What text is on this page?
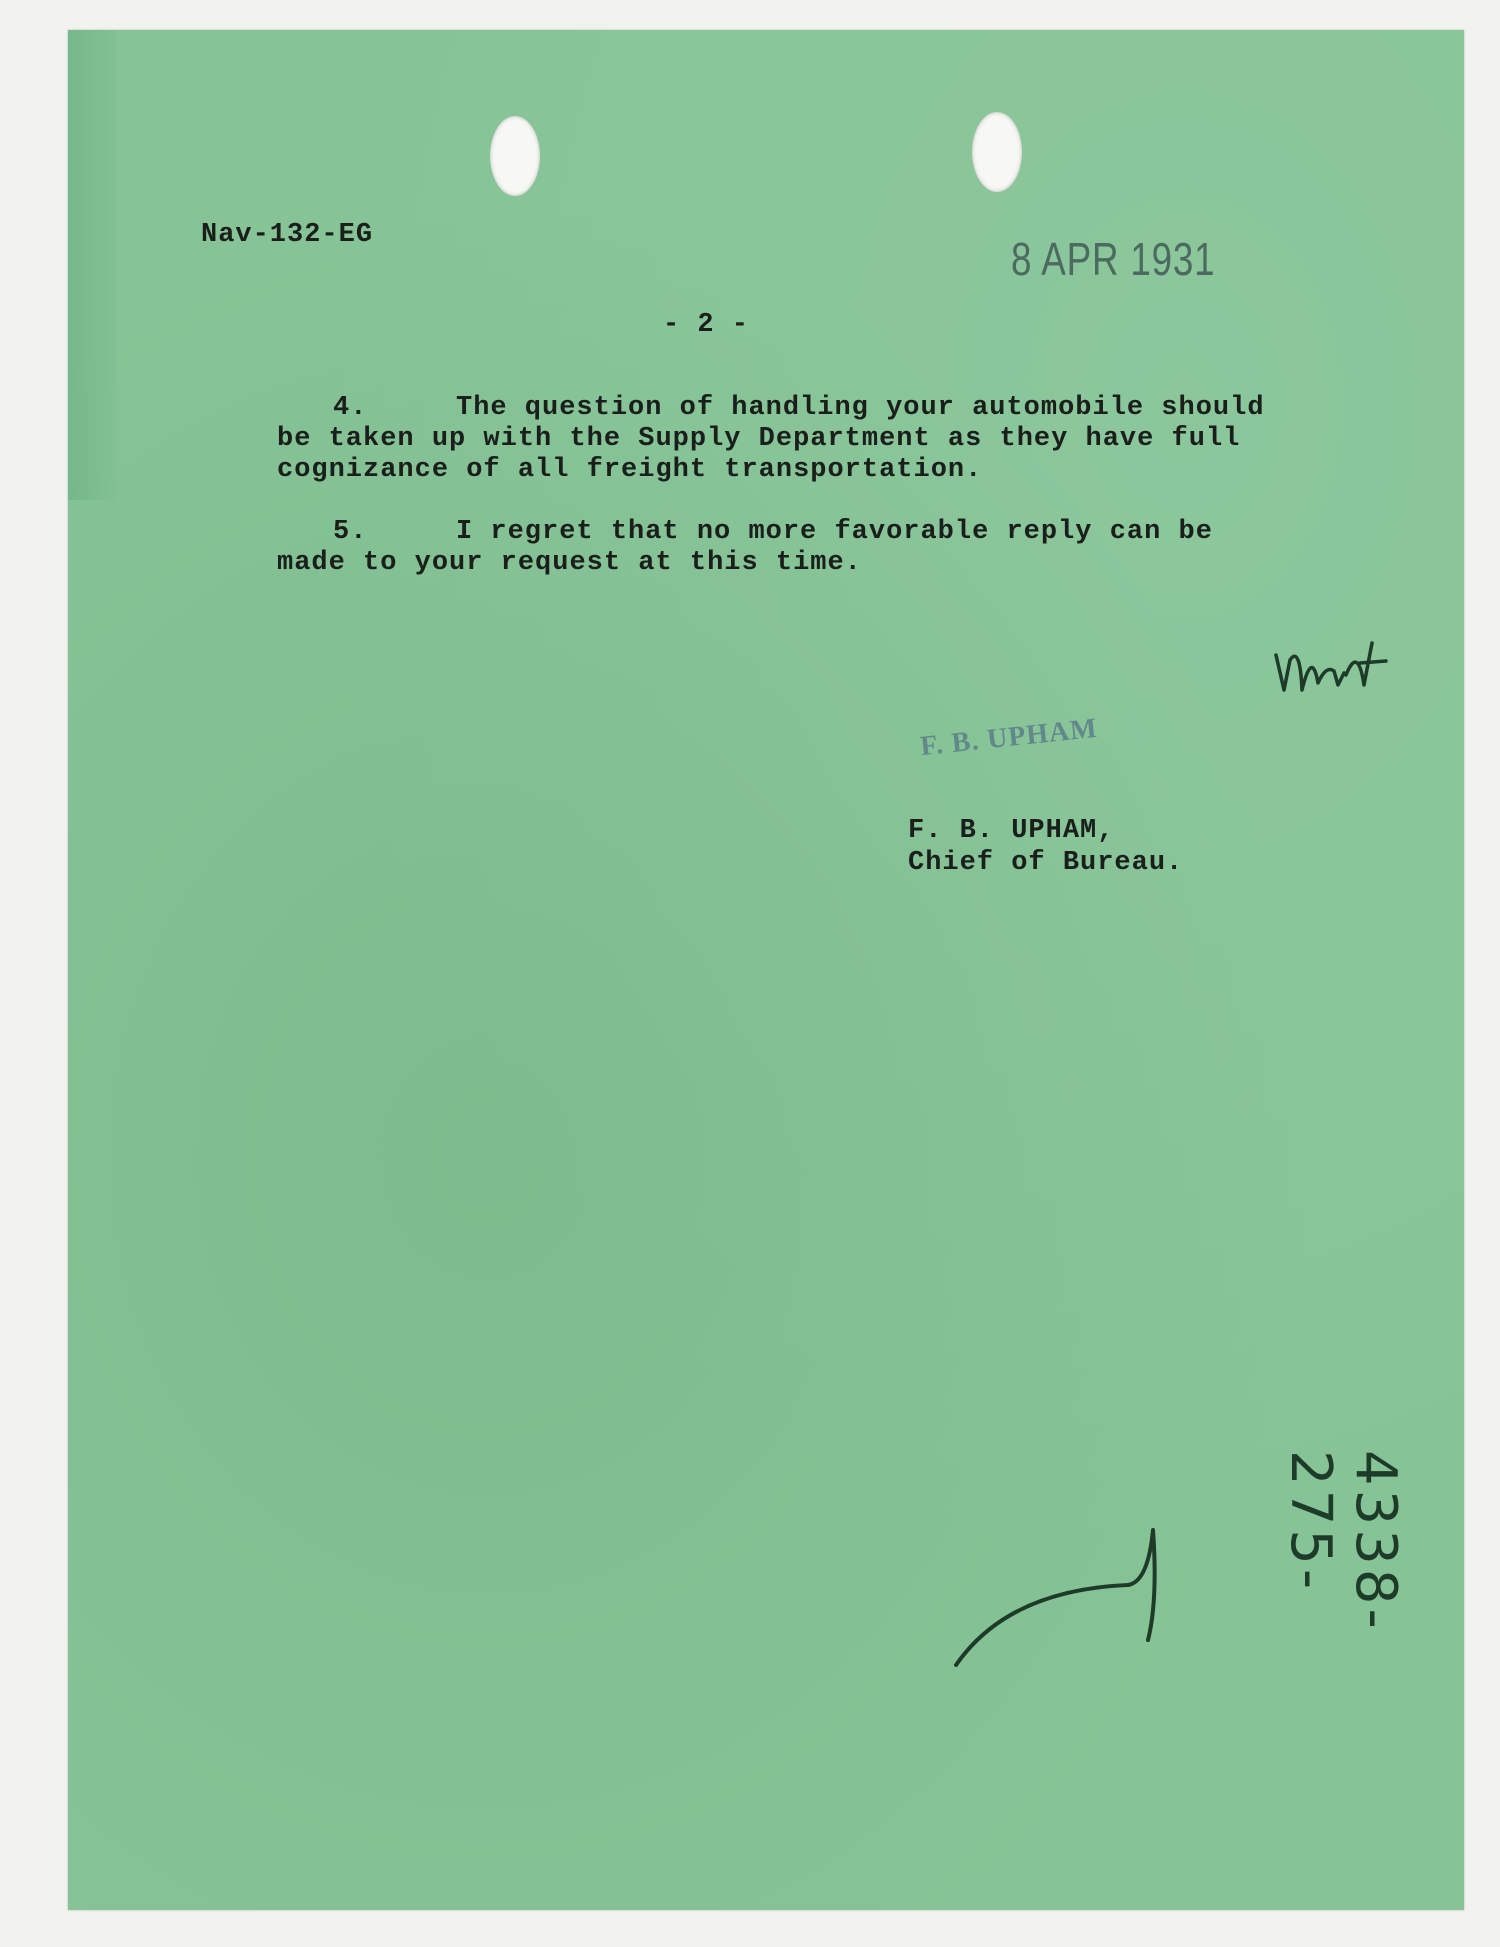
Nav-132-EG	8 APR 1931
- 2 -
4.	The question of handling your automobile should
be taken up with the Supply Department as they have full
cognizance of all freight transportation.
5.	I regret that no more favorable reply can be
made to your request at this time.
F. B. UPHAM
F. B. UPHAM,
Chief of Bureau.
4338-275-
